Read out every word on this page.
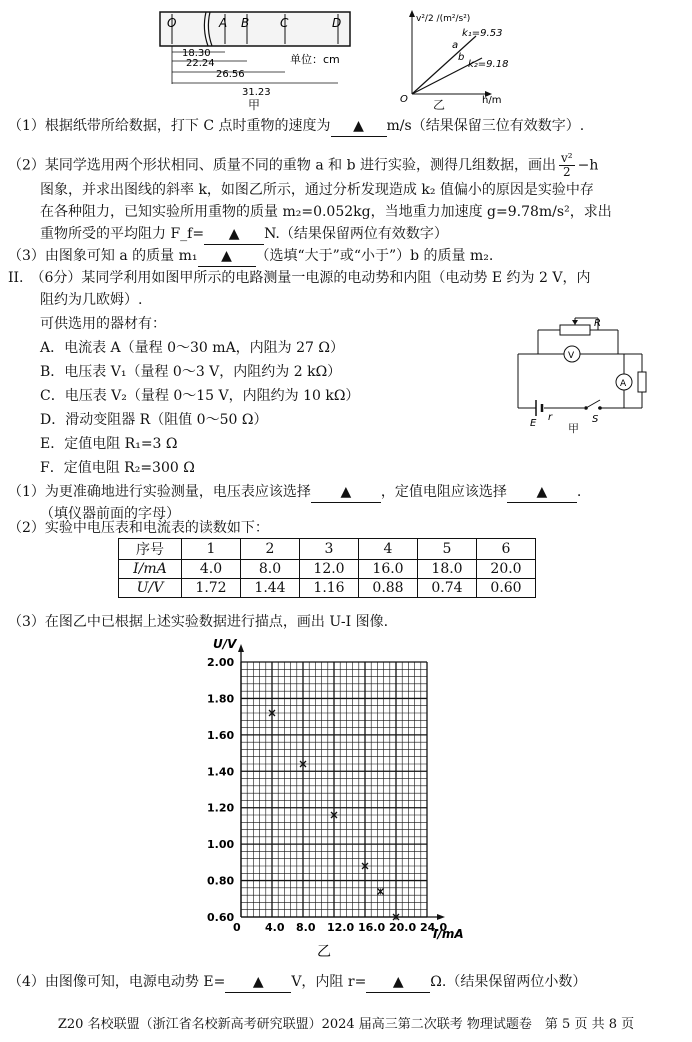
O	A B	C	D
18.30
22.24
26.56
31.23
单位：cm
甲
v²/2 /(m²/s²)
k₁=9.53
k₂=9.18
a
b
O	h/m
乙
（1）根据纸带所给数据，打下 C 点时重物的速度为 ▲ m/s（结果保留三位有效数字）.
（2）某同学选用两个形状相同、质量不同的重物 a 和 b 进行实验，测得几组数据，画出 $\frac{\text{v²}}{2} -h$
图象，并求出图线的斜率 k，如图乙所示，通过分析发现造成 k₂ 值偏小的原因是实验中存
在各种阻力，已知实验所用重物的质量 m₂=0.052kg，当地重力加速度 g=9.78m/s²，求出
重物所受的平均阻力 F_f= ▲ N.（结果保留两位有效数字）
（3）由图象可知 a 的质量 m₁ ▲ （选填“大于”或“小于”）b 的质量 m₂.
II.　（6分）某同学利用如图甲所示的电路测量一电源的电动势和内阻（电动势 E 约为 2 V，内
阻约为几欧姆）.
可供选用的器材有：
A．电流表 A（量程 0～30 mA，内阻为 27 Ω）
B．电压表 V₁（量程 0～3 V，内阻约为 2 kΩ）
C．电压表 V₂（量程 0～15 V，内阻约为 10 kΩ）
D．滑动变阻器 R（阻值 0～50 Ω）
E．定值电阻 R₁=3 Ω
F．定值电阻 R₂=300 Ω
R
V
A
E
r	S
甲
（1）为更准确地进行实验测量，电压表应该选择 ▲ ，定值电阻应该选择 ▲ .
（填仪器前面的字母）
（2）实验中电压表和电流表的读数如下：
序号	1	2	3	4	5	6
I/mA	4.0	8.0	12.0	16.0	18.0	20.0
U/V	1.72	1.44	1.16	0.88	0.74	0.60
（3）在图乙中已根据上述实验数据进行描点，画出 U-I 图像.
0 4.0 8.0 12.0 16.0 20.0 24.0
0.60
0.80
1.00
1.20
1.40
1.60
1.80
2.00
U/V
I/mA
乙
（4）由图像可知，电源电动势 E= ▲ V，内阻 r= ▲ Ω.（结果保留两位小数）
Z20 名校联盟（浙江省名校新高考研究联盟）2024 届高三第二次联考 物理试题卷　第 5 页 共 8 页
